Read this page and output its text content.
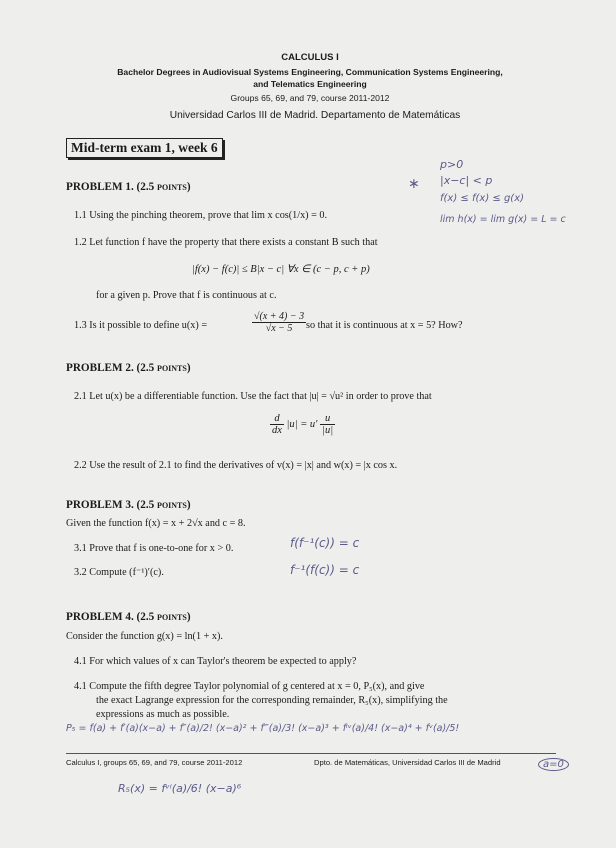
CALCULUS I
Bachelor Degrees in Audiovisual Systems Engineering, Communication Systems Engineering,
and Telematics Engineering
Groups 65, 69, and 79, course 2011-2012
Universidad Carlos III de Madrid. Departamento de Matemáticas
Mid-term exam 1, week 6
PROBLEM 1. (2.5 points)
1.1 Using the pinching theorem, prove that lim x cos(1/x) = 0.
1.2 Let function f have the property that there exists a constant B such that
|f(x) − f(c)| ≤ B|x − c| ∀x ∈ (c − p, c + p)
for a given p. Prove that f is continuous at c.
1.3 Is it possible to define u(x) =	$\frac{√(x + 4) - 3}{√x - 5}$ so that it is continuous at x = 5? How?
PROBLEM 2. (2.5 points)
2.1 Let u(x) be a differentiable function. Use the fact that |u| = √u² in order to prove that
$\frac{d}{dx} |u| = u' \frac{u}{|u|}$
2.2 Use the result of 2.1 to find the derivatives of v(x) = |x| and w(x) = |x cos x.
PROBLEM 3. (2.5 points)
Given the function f(x) = x + 2√x and c = 8.
3.1 Prove that f is one-to-one for x > 0.
3.2 Compute (f⁻¹)′(c).
PROBLEM 4. (2.5 points)
Consider the function g(x) = ln(1 + x).
4.1 For which values of x can Taylor's theorem be expected to apply?
4.1 Compute the fifth degree Taylor polynomial of g centered at x = 0, P₅(x), and give
the exact Lagrange expression for the corresponding remainder, R₅(x), simplifying the
expressions as much as possible.
p>0
|x−c| < p
f(x) ≤ f(x) ≤ g(x)
lim h(x) = lim g(x) = L = c
∗
f(f⁻¹(c)) = c
f⁻¹(f(c)) = c
P₅ = f(a) + f′(a)(x−a) + f″(a)/2! (x−a)² + f‴(a)/3! (x−a)³ + fⁱᵛ(a)/4! (x−a)⁴ + fᵛ(a)/5!
a=0
R₅(x) = fᵛⁱ(a)/6! (x−a)⁶
Calculus I, groups 65, 69, and 79, course 2011-2012	Dpto. de Matemáticas, Universidad Carlos III de Madrid
